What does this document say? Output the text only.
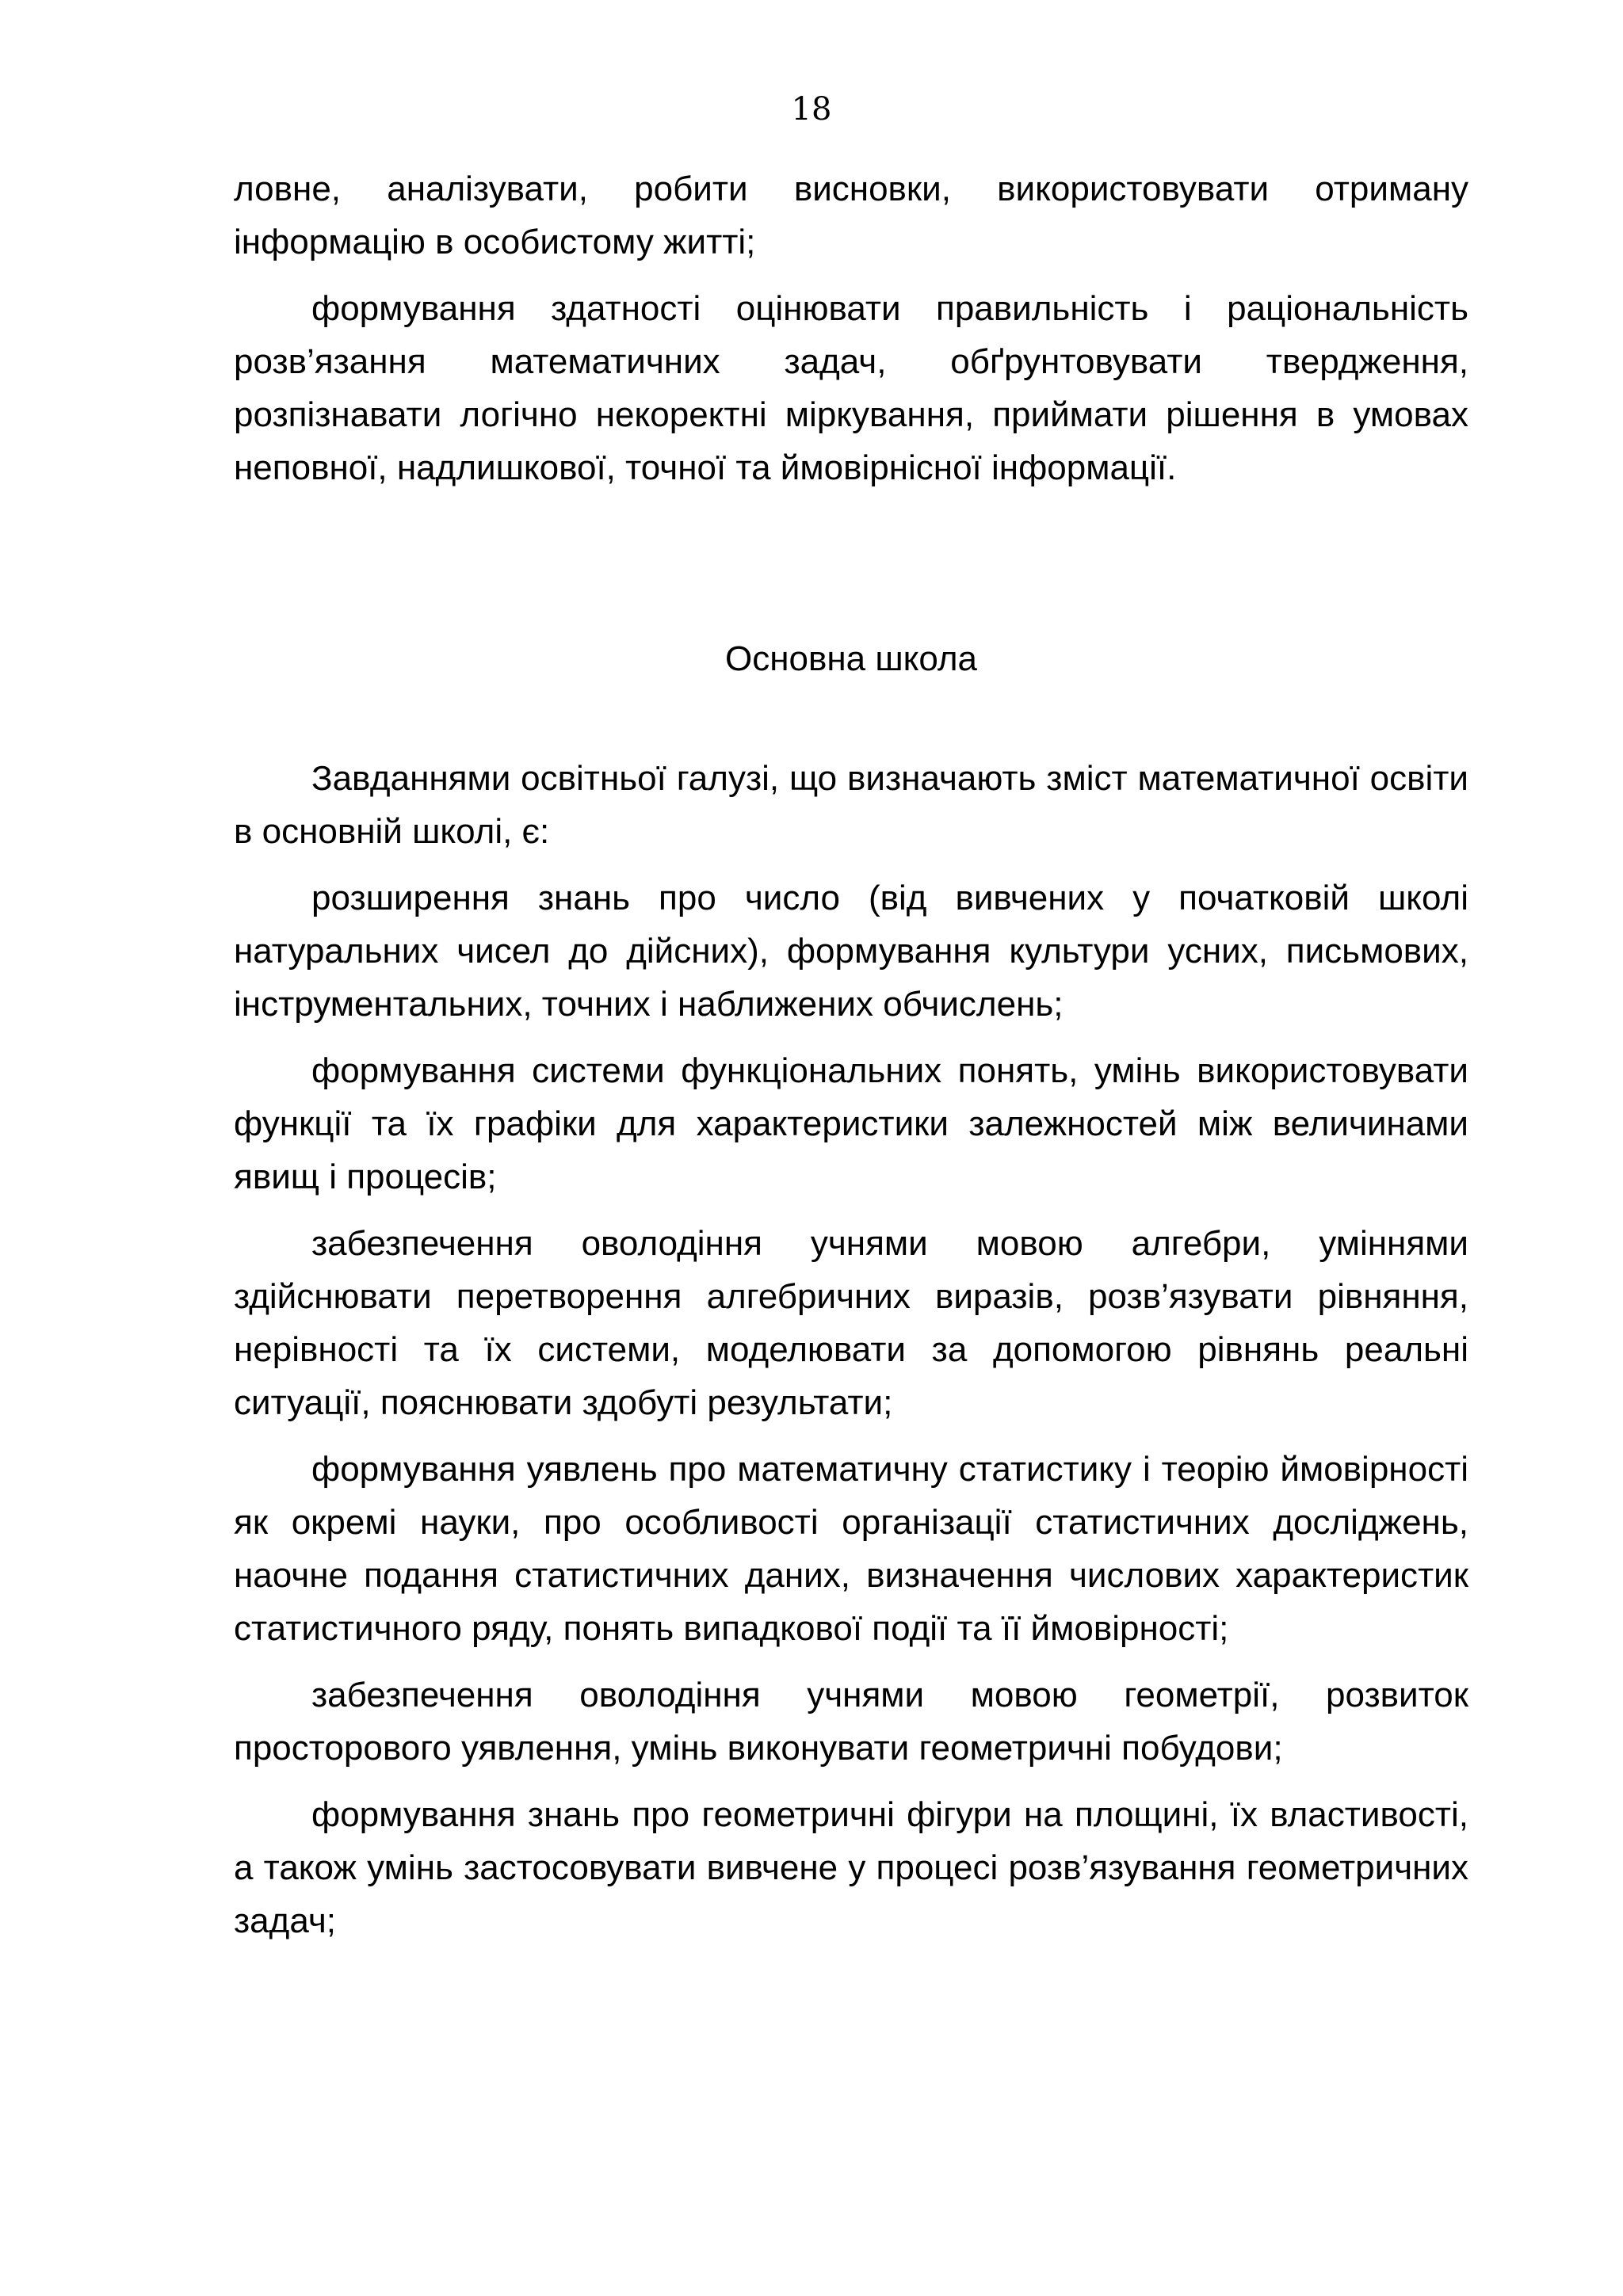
18

ловне, аналізувати, робити висновки, використовувати отриману інформацію в особистому житті;

формування здатності оцінювати правильність і раціональність розв’язання математичних задач, обґрунтовувати твердження, розпізнавати логічно некоректні міркування, приймати рішення в умовах неповної, надлишкової, точної та ймовірнісної інформації.

Основна школа

Завданнями освітньої галузі, що визначають зміст математичної освіти в основній школі, є:

розширення знань про число (від вивчених у початковій школі натуральних чисел до дійсних), формування культури усних, письмових, інструментальних, точних і наближених обчислень;

формування системи функціональних понять, умінь використовувати функції та їх графіки для характеристики залежностей між величинами явищ і процесів;

забезпечення оволодіння учнями мовою алгебри, уміннями здійснювати перетворення алгебричних виразів, розв’язувати рівняння, нерівності та їх системи, моделювати за допомогою рівнянь реальні ситуації, пояснювати здобуті результати;

формування уявлень про математичну статистику і теорію ймовірності як окремі науки, про особливості організації статистичних досліджень, наочне подання статистичних даних, визначення числових характеристик статистичного ряду, понять випадкової події та її ймовірності;

забезпечення оволодіння учнями мовою геометрії, розвиток просторового уявлення, умінь виконувати геометричні побудови;

формування знань про геометричні фігури на площині, їх властивості, а також умінь застосовувати вивчене у процесі розв’язування геометричних задач;
